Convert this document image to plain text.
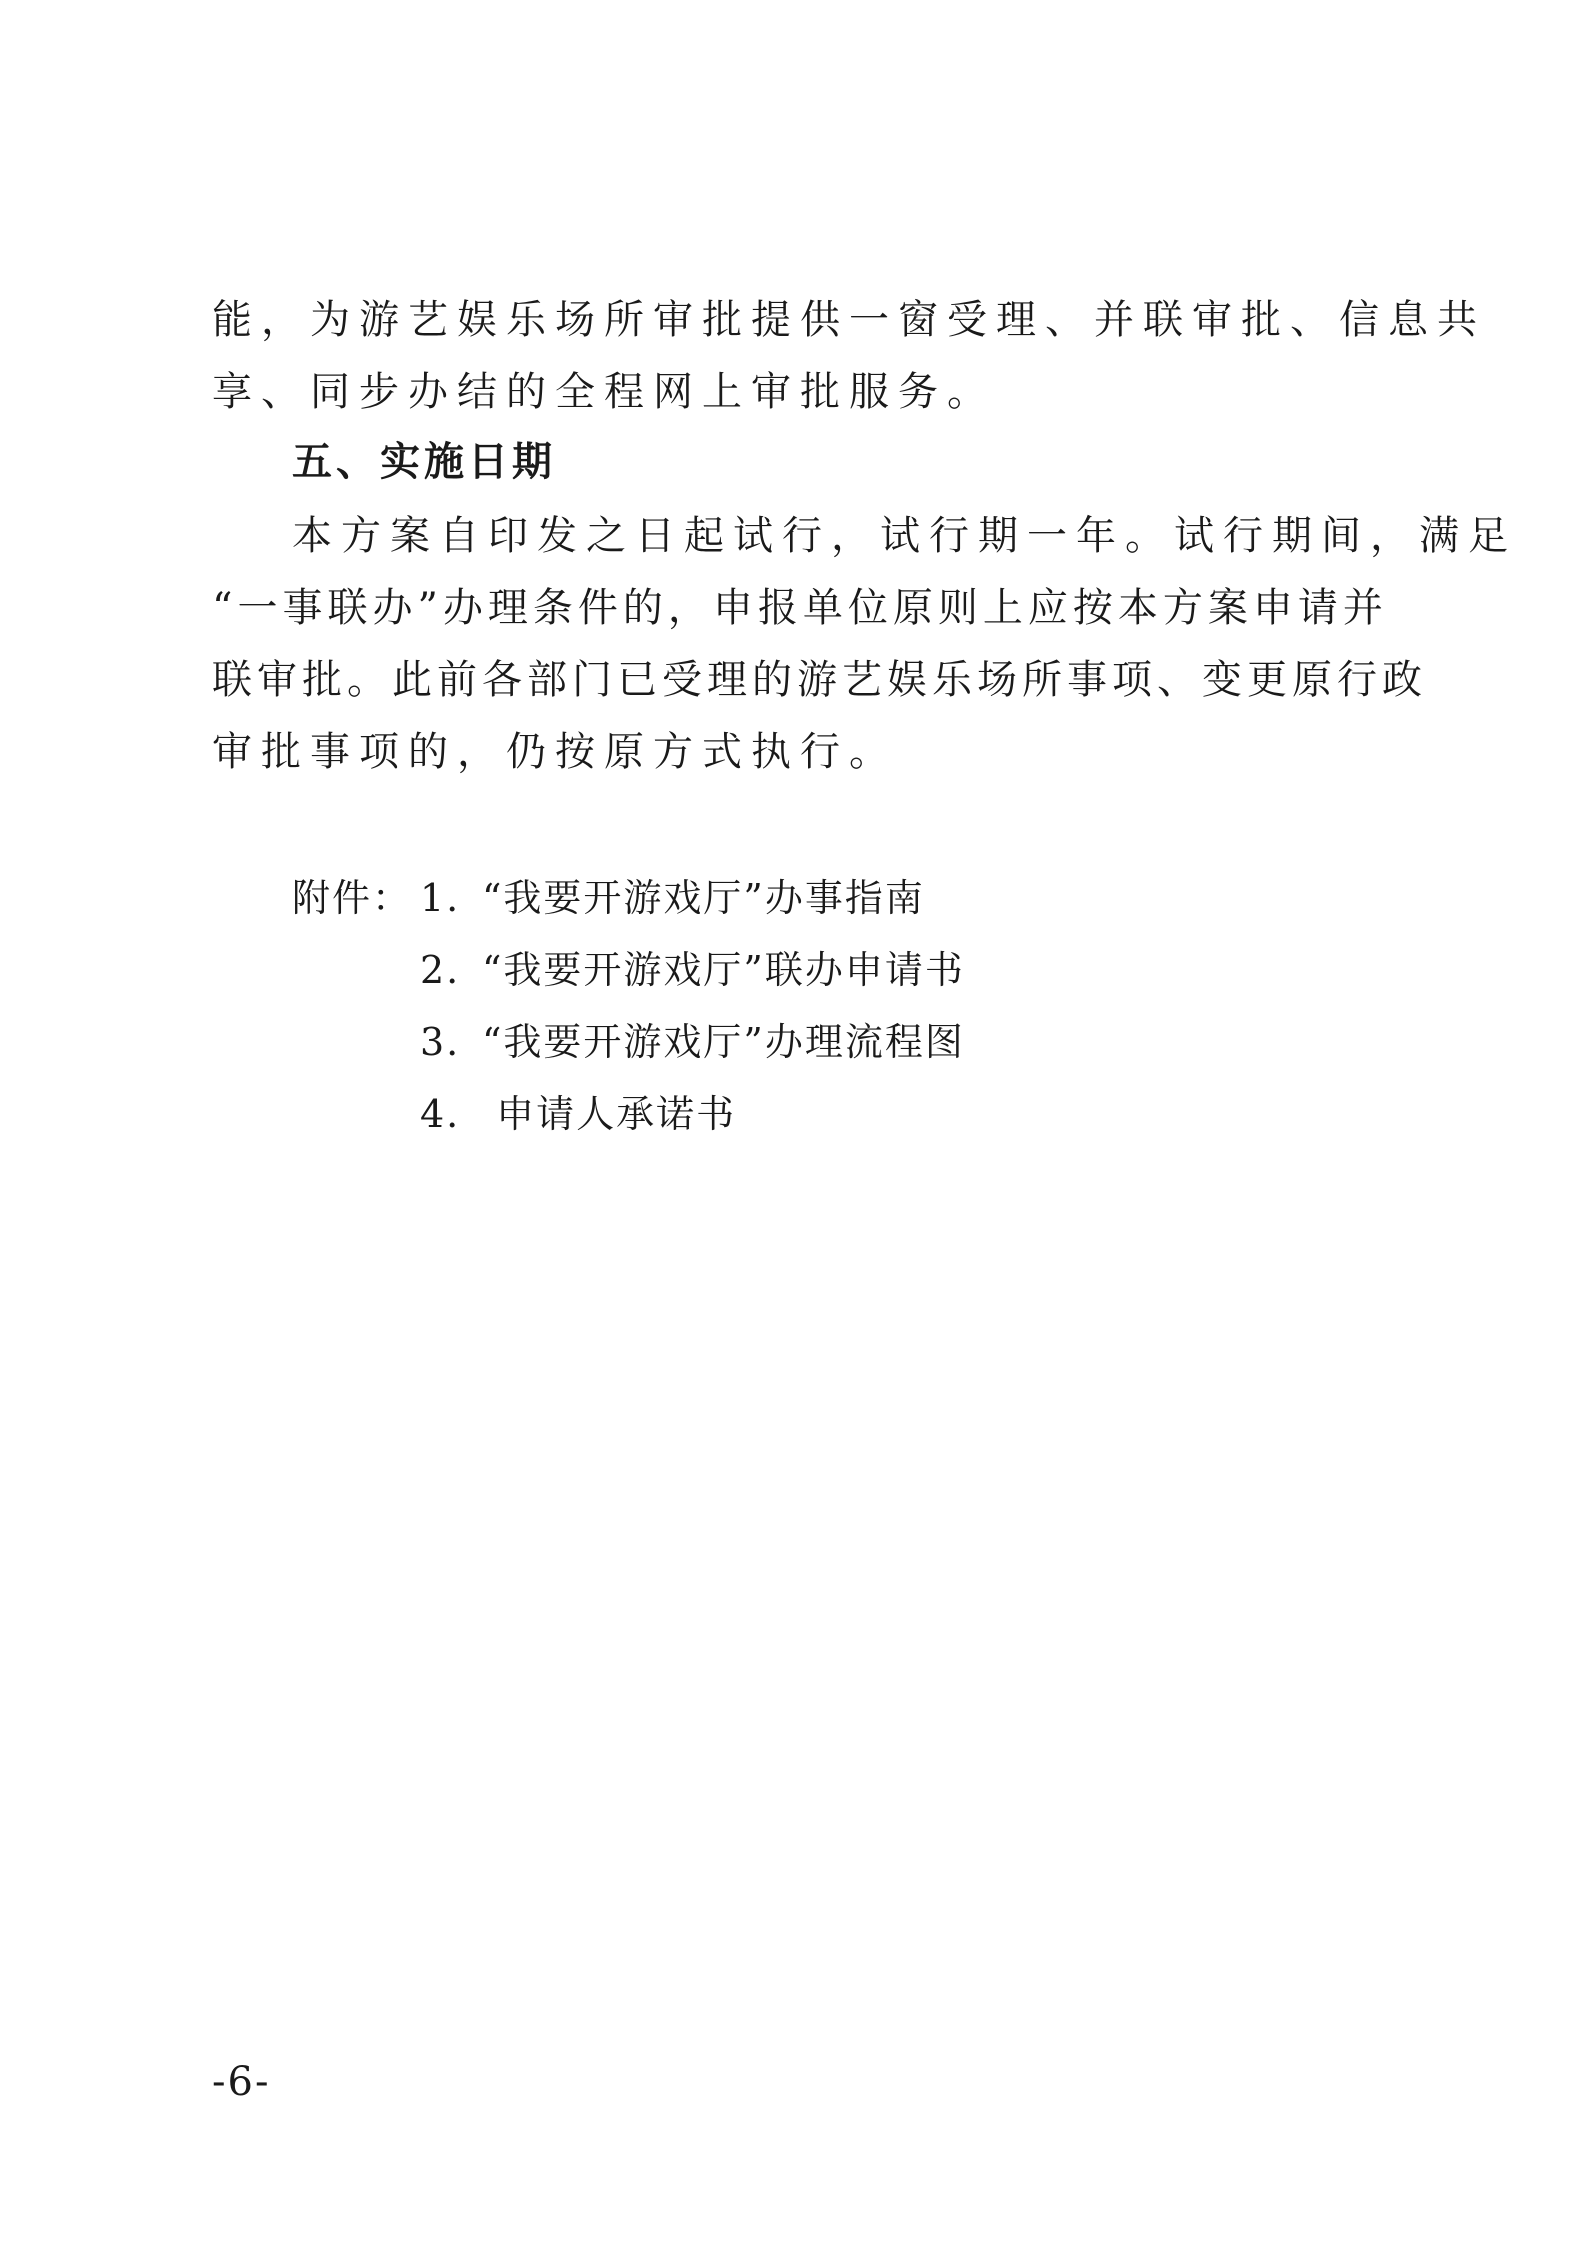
能，为游艺娱乐场所审批提供一窗受理、并联审批、信息共
享、同步办结的全程网上审批服务。
五、实施日期
本方案自印发之日起试行，试行期一年。试行期间，满足
“一事联办”办理条件的，申报单位原则上应按本方案申请并
联审批。此前各部门已受理的游艺娱乐场所事项、变更原行政
审批事项的，仍按原方式执行。
附件： 1. “我要开游戏厅”办事指南
2. “我要开游戏厅”联办申请书
3. “我要开游戏厅”办理流程图
4. 申请人承诺书
-6-
